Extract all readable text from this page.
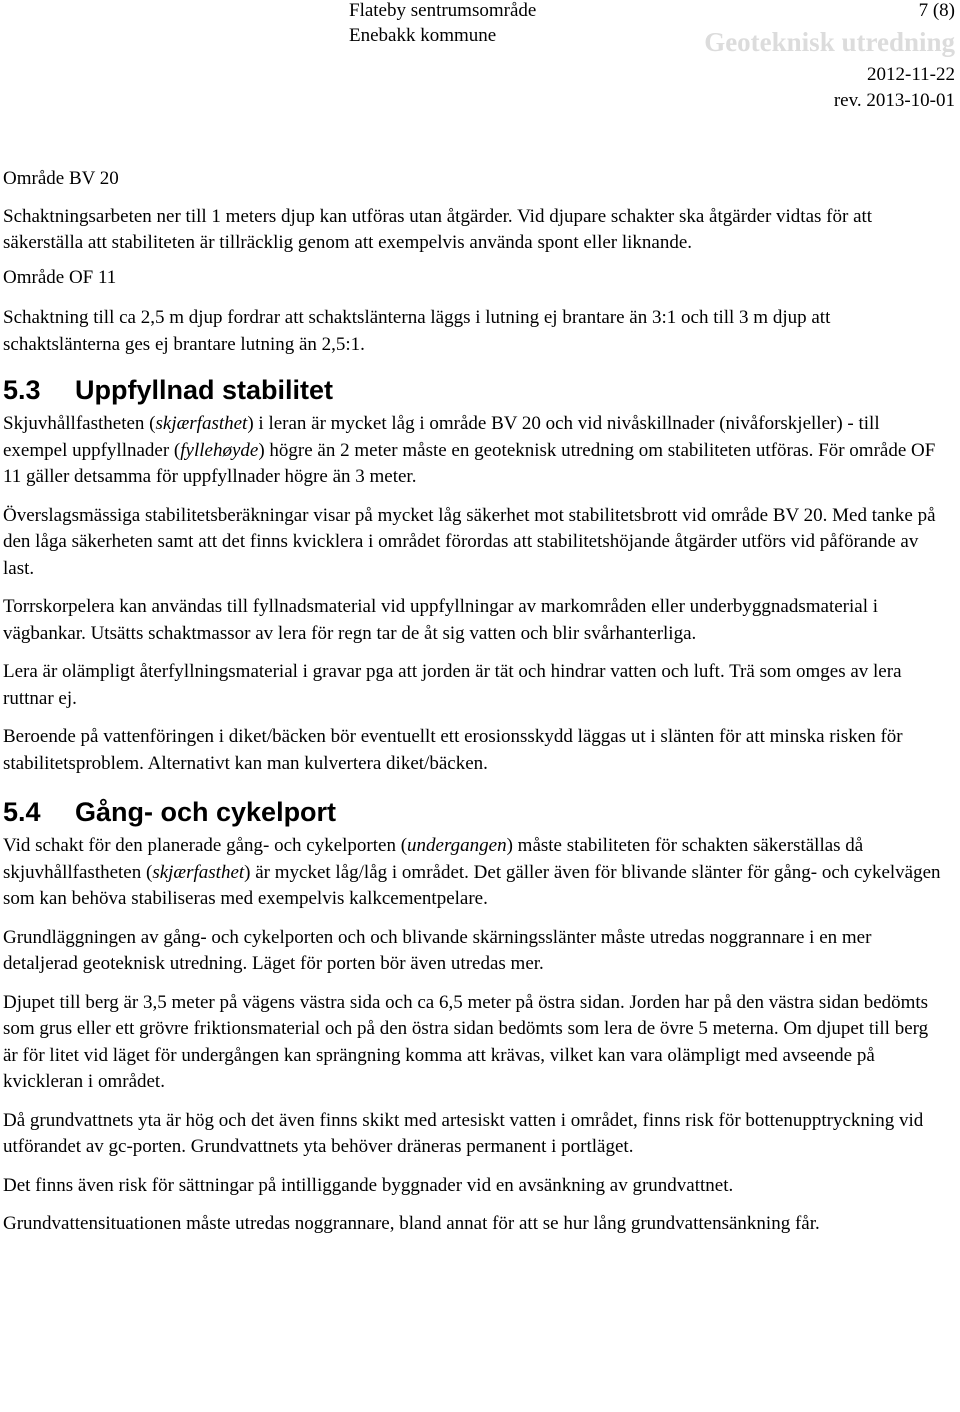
Flateby sentrumsområde
Enebakk kommune
7 (8)
Geoteknisk utredning
2012-11-22
rev. 2013-10-01

Område BV 20

Schaktningsarbeten ner till 1 meters djup kan utföras utan åtgärder. Vid djupare schakter ska åtgärder vidtas för att säkerställa att stabiliteten är tillräcklig genom att exempelvis använda spont eller liknande.

Område OF 11

Schaktning till ca 2,5 m djup fordrar att schaktslänterna läggs i lutning ej brantare än 3:1 och till 3 m djup att schaktslänterna ges ej brantare lutning än 2,5:1.

5.3 Uppfyllnad stabilitet

Skjuvhållfastheten (skjærfasthet) i leran är mycket låg i område BV 20 och vid nivåskillnader (nivåforskjeller) - till exempel uppfyllnader (fyllehøyde) högre än 2 meter måste en geoteknisk utredning om stabiliteten utföras. För område OF 11 gäller detsamma för uppfyllnader högre än 3 meter.

Överslagsmässiga stabilitetsberäkningar visar på mycket låg säkerhet mot stabilitetsbrott vid område BV 20. Med tanke på den låga säkerheten samt att det finns kvicklera i området förordas att stabilitetshöjande åtgärder utförs vid påförande av last.

Torrskorpelera kan användas till fyllnadsmaterial vid uppfyllningar av markområden eller underbyggnadsmaterial i vägbankar. Utsätts schaktmassor av lera för regn tar de åt sig vatten och blir svårhanterliga.

Lera är olämpligt återfyllningsmaterial i gravar pga att jorden är tät och hindrar vatten och luft. Trä som omges av lera ruttnar ej.

Beroende på vattenföringen i diket/bäcken bör eventuellt ett erosionsskydd läggas ut i slänten för att minska risken för stabilitetsproblem. Alternativt kan man kulvertera diket/bäcken.

5.4 Gång- och cykelport

Vid schakt för den planerade gång- och cykelporten (undergangen) måste stabiliteten för schakten säkerställas då skjuvhållfastheten (skjærfasthet) är mycket låg/låg i området. Det gäller även för blivande slänter för gång- och cykelvägen som kan behöva stabiliseras med exempelvis kalkcementpelare.

Grundläggningen av gång- och cykelporten och och blivande skärningsslänter måste utredas noggrannare i en mer detaljerad geoteknisk utredning. Läget för porten bör även utredas mer.

Djupet till berg är 3,5 meter på vägens västra sida och ca 6,5 meter på östra sidan. Jorden har på den västra sidan bedömts som grus eller ett grövre friktionsmaterial och på den östra sidan bedömts som lera de övre 5 meterna. Om djupet till berg är för litet vid läget för undergången kan sprängning komma att krävas, vilket kan vara olämpligt med avseende på kvickleran i området.

Då grundvattnets yta är hög och det även finns skikt med artesiskt vatten i området, finns risk för bottenupptryckning vid utförandet av gc-porten. Grundvattnets yta behöver dräneras permanent i portläget.

Det finns även risk för sättningar på intilliggande byggnader vid en avsänkning av grundvattnet.

Grundvattensituationen måste utredas noggrannare, bland annat för att se hur lång grundvattensänkning får.
